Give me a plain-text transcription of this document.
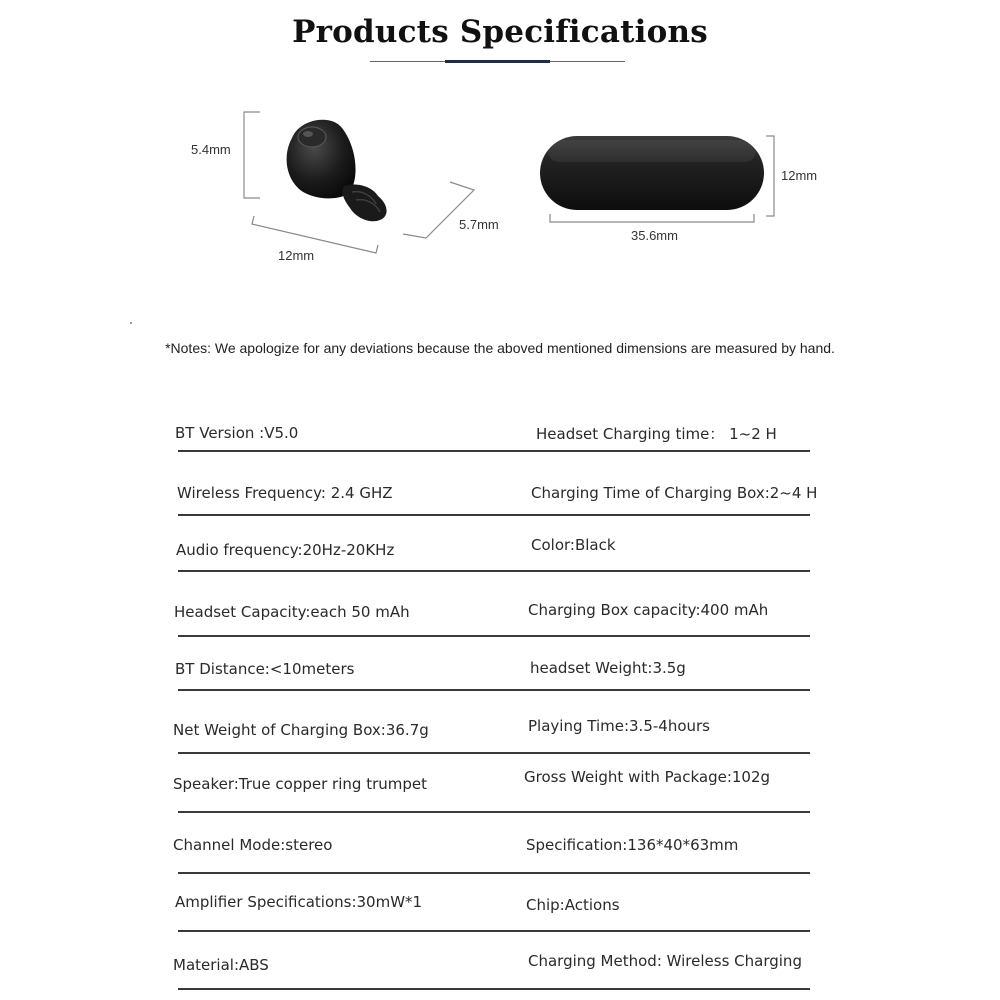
Products Specifications
5.4mm
12mm
5.7mm
12mm
35.6mm
*Notes: We apologize for any deviations because the aboved mentioned dimensions are measured by hand.
BT Version :V5.0	Headset Charging time： 1~2 H
Wireless Frequency: 2.4 GHZ	Charging Time of Charging Box:2~4 H
Audio frequency:20Hz-20KHz	Color:Black
Headset Capacity:each 50 mAh	Charging Box capacity:400 mAh
BT Distance:<10meters	headset Weight:3.5g
Net Weight of Charging Box:36.7g	Playing Time:3.5-4hours
Speaker:True copper ring trumpet	Gross Weight with Package:102g
Channel Mode:stereo	Specification:136*40*63mm
Amplifier Specifications:30mW*1	Chip:Actions
Material:ABS	Charging Method: Wireless Charging
